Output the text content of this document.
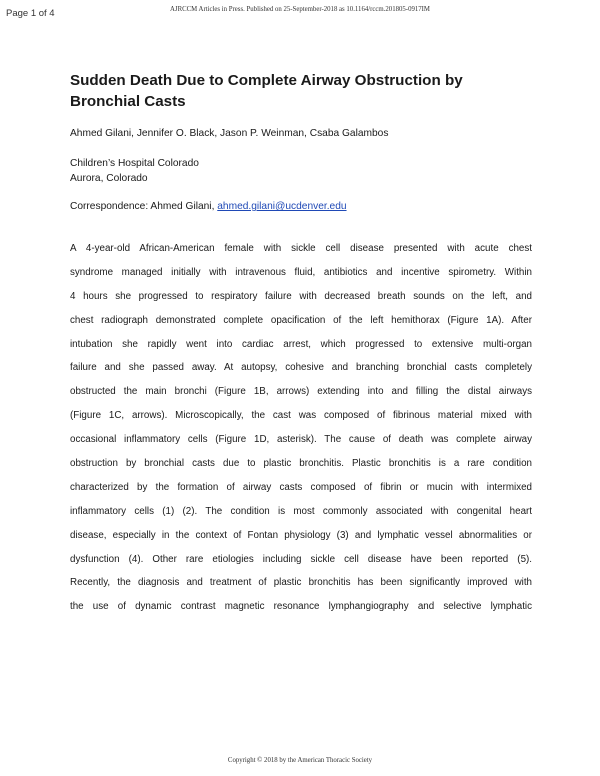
Page 1 of 4	AJRCCM Articles in Press. Published on 25-September-2018 as 10.1164/rccm.201805-0917IM
Sudden Death Due to Complete Airway Obstruction by
Bronchial Casts
Ahmed Gilani, Jennifer O. Black, Jason P. Weinman, Csaba Galambos
Children’s Hospital Colorado
Aurora, Colorado
Correspondence: Ahmed Gilani, ahmed.gilani@ucdenver.edu
A 4-year-old African-American female with sickle cell disease presented with acute chest
syndrome managed initially with intravenous fluid, antibiotics and incentive spirometry. Within
4 hours she progressed to respiratory failure with decreased breath sounds on the left, and
chest radiograph demonstrated complete opacification of the left hemithorax (Figure 1A). After
intubation she rapidly went into cardiac arrest, which progressed to extensive multi-organ
failure and she passed away. At autopsy, cohesive and branching bronchial casts completely
obstructed the main bronchi (Figure 1B, arrows) extending into and filling the distal airways
(Figure 1C, arrows). Microscopically, the cast was composed of fibrinous material mixed with
occasional inflammatory cells (Figure 1D, asterisk). The cause of death was complete airway
obstruction by bronchial casts due to plastic bronchitis. Plastic bronchitis is a rare condition
characterized by the formation of airway casts composed of fibrin or mucin with intermixed
inflammatory cells (1) (2). The condition is most commonly associated with congenital heart
disease, especially in the context of Fontan physiology (3) and lymphatic vessel abnormalities or
dysfunction (4). Other rare etiologies including sickle cell disease have been reported (5).
Recently, the diagnosis and treatment of plastic bronchitis has been significantly improved with
the use of dynamic contrast magnetic resonance lymphangiography and selective lymphatic
Copyright © 2018 by the American Thoracic Society
